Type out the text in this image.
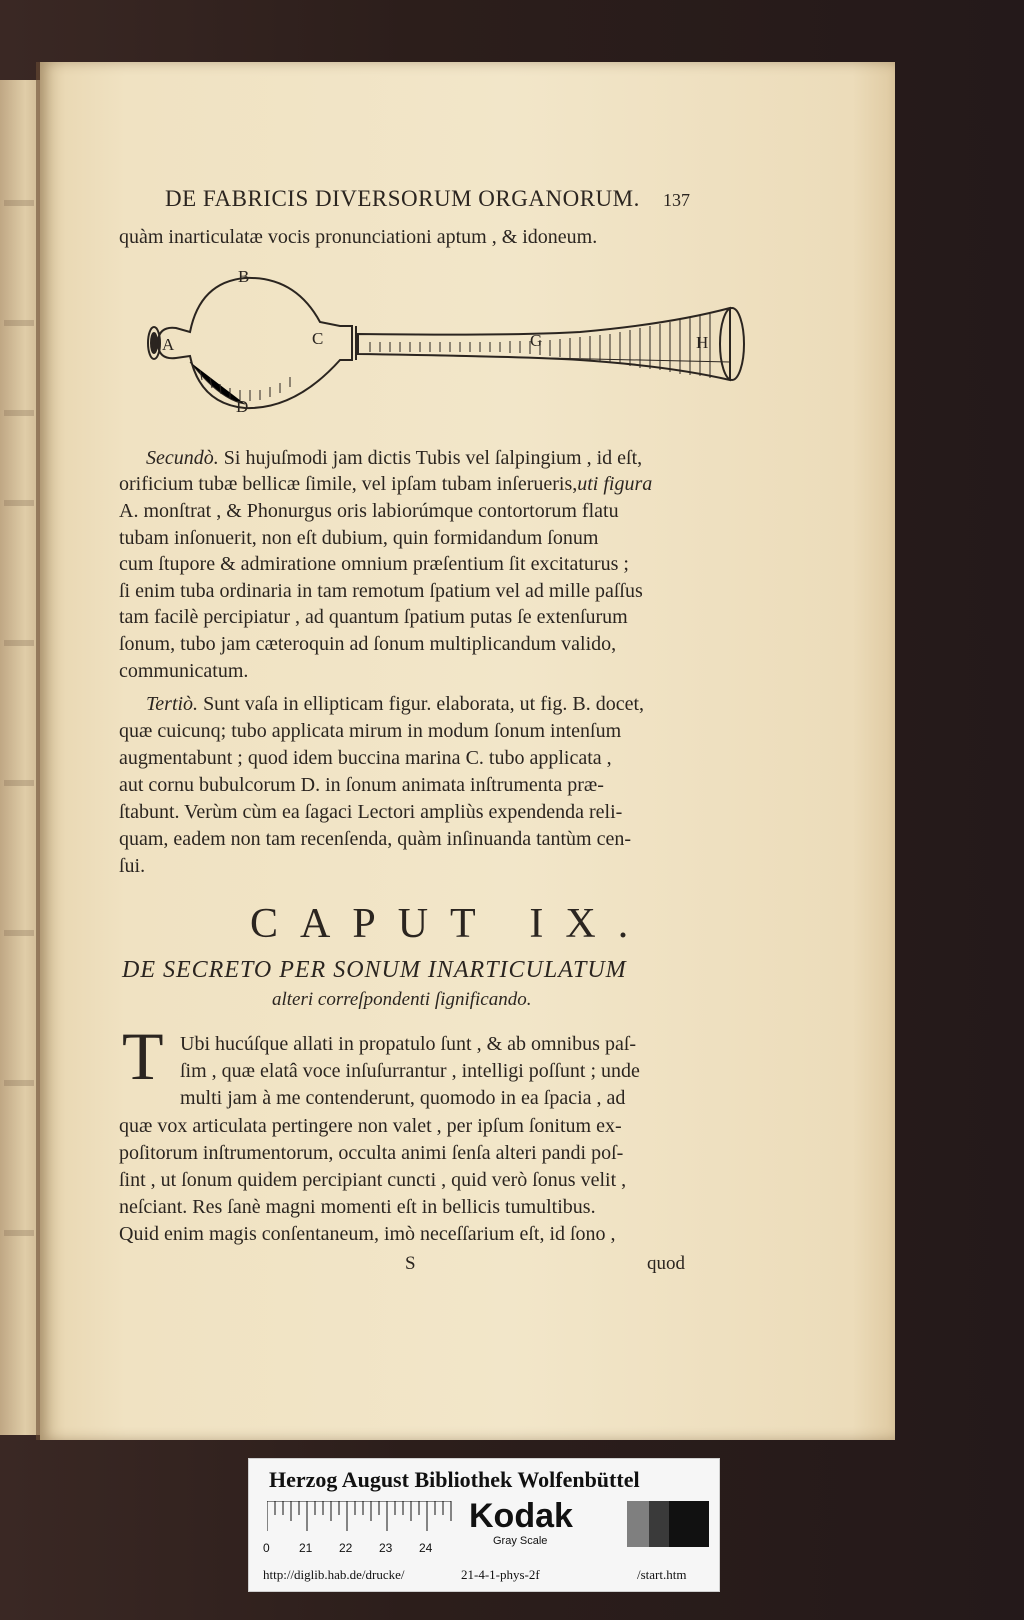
DE FABRICIS DIVERSORUM ORGANORUM. 137
quàm inarticulatæ vocis pronunciationi aptum , & idoneum.
B
A	C	G	H
D
Secundò. Si hujuſmodi jam dictis Tubis vel ſalpingium , id eſt,
orificium tubæ bellicæ ſimile, vel ipſam tubam inſerueris,uti figura
A. monſtrat , & Phonurgus oris labiorúmque contortorum flatu
tubam inſonuerit, non eſt dubium, quin formidandum ſonum
cum ſtupore & admiratione omnium præſentium ſit excitaturus ;
ſi enim tuba ordinaria in tam remotum ſpatium vel ad mille paſſus
tam facilè percipiatur , ad quantum ſpatium putas ſe extenſurum
ſonum, tubo jam cæteroquin ad ſonum multiplicandum valido,
communicatum.
Tertiò. Sunt vaſa in ellipticam figur. elaborata, ut fig. B. docet,
quæ cuicunq; tubo applicata mirum in modum ſonum intenſum
augmentabunt ; quod idem buccina marina C. tubo applicata ,
aut cornu bubulcorum D. in ſonum animata inſtrumenta præ-
ſtabunt. Verùm cùm ea ſagaci Lectori ampliùs expendenda reli-
quam, eadem non tam recenſenda, quàm inſinuanda tantùm cen-
ſui.
CAPUT IX.
DE SECRETO PER SONUM INARTICULATUM
alteri correſpondenti ſignificando.
T Ubi hucúſque allati in propatulo ſunt , & ab omnibus paſ-
ſim , quæ elatâ voce inſuſurrantur , intelligi poſſunt ; unde
multi jam à me contenderunt, quomodo in ea ſpacia , ad
quæ vox articulata pertingere non valet , per ipſum ſonitum ex-
poſitorum inſtrumentorum, occulta animi ſenſa alteri pandi poſ-
ſint , ut ſonum quidem percipiant cuncti , quid verò ſonus velit ,
neſciant. Res ſanè magni momenti eſt in bellicis tumultibus.
Quid enim magis conſentaneum, imò neceſſarium eſt, id ſono ,
S	quod
Herzog August Bibliothek Wolfenbüttel
0 21 22 23 24
Kodak
Gray Scale
http://diglib.hab.de/drucke/	21-4-1-phys-2f	/start.htm
